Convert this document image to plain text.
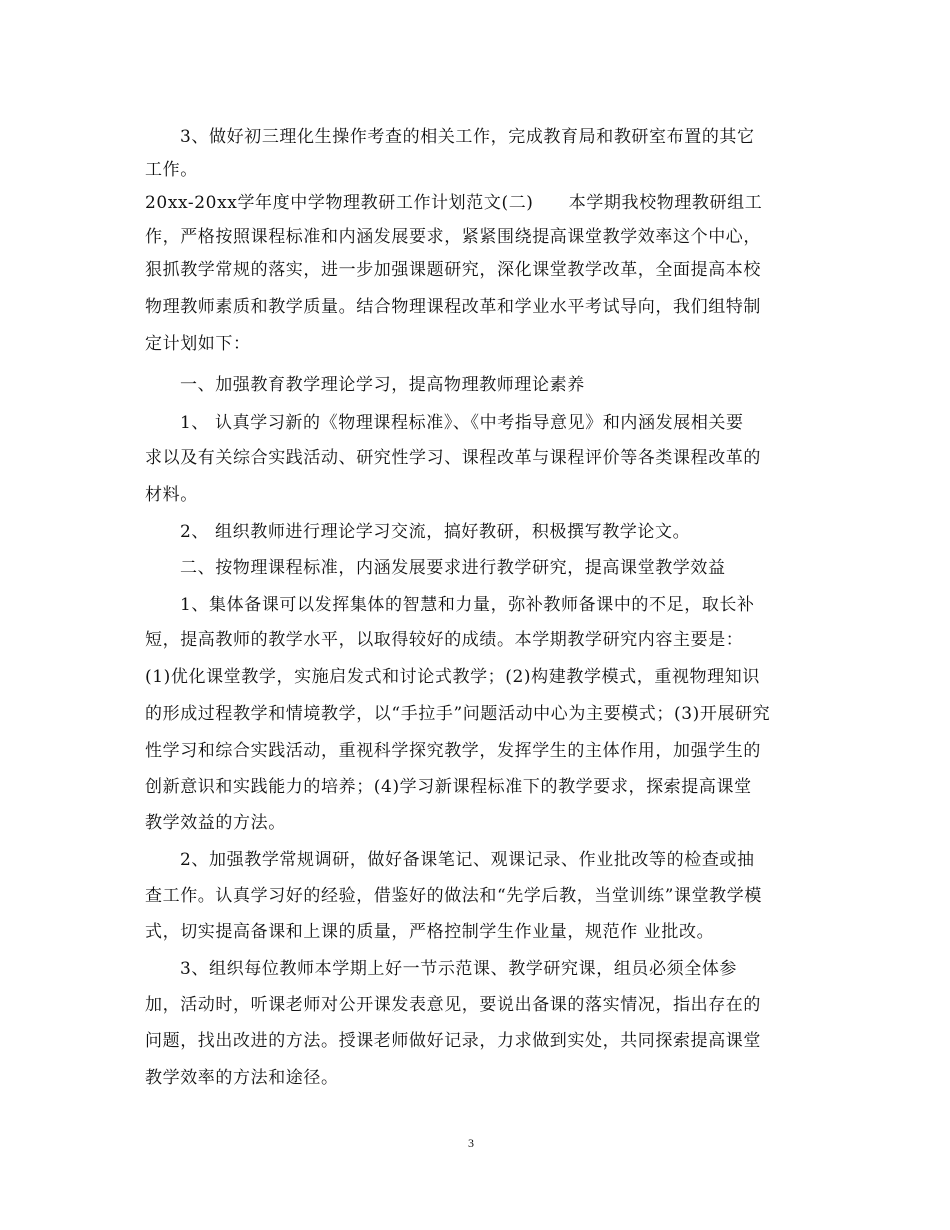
3、做好初三理化生操作考查的相关工作，完成教育局和教研室布置的其它
工作。
20xx-20xx学年度中学物理教研工作计划范文(二)　　本学期我校物理教研组工
作，严格按照课程标准和内涵发展要求，紧紧围绕提高课堂教学效率这个中心，
狠抓教学常规的落实，进一步加强课题研究，深化课堂教学改革，全面提高本校
物理教师素质和教学质量。结合物理课程改革和学业水平考试导向，我们组特制
定计划如下：
一、加强教育教学理论学习，提高物理教师理论素养
1、 认真学习新的《物理课程标准》、《中考指导意见》和内涵发展相关要
求以及有关综合实践活动、研究性学习、课程改革与课程评价等各类课程改革的
材料。
2、 组织教师进行理论学习交流，搞好教研，积极撰写教学论文。
二、按物理课程标准，内涵发展要求进行教学研究，提高课堂教学效益
1、集体备课可以发挥集体的智慧和力量，弥补教师备课中的不足，取长补
短，提高教师的教学水平，以取得较好的成绩。本学期教学研究内容主要是：
(1)优化课堂教学，实施启发式和讨论式教学；(2)构建教学模式，重视物理知识
的形成过程教学和情境教学，以“手拉手”问题活动中心为主要模式；(3)开展研究
性学习和综合实践活动，重视科学探究教学，发挥学生的主体作用，加强学生的
创新意识和实践能力的培养；(4)学习新课程标准下的教学要求，探索提高课堂
教学效益的方法。
2、加强教学常规调研，做好备课笔记、观课记录、作业批改等的检查或抽
查工作。认真学习好的经验，借鉴好的做法和“先学后教，当堂训练”课堂教学模
式，切实提高备课和上课的质量，严格控制学生作业量，规范作 业批改。
3、组织每位教师本学期上好一节示范课、教学研究课，组员必须全体参
加，活动时，听课老师对公开课发表意见，要说出备课的落实情况，指出存在的
问题，找出改进的方法。授课老师做好记录，力求做到实处，共同探索提高课堂
教学效率的方法和途径。
3
